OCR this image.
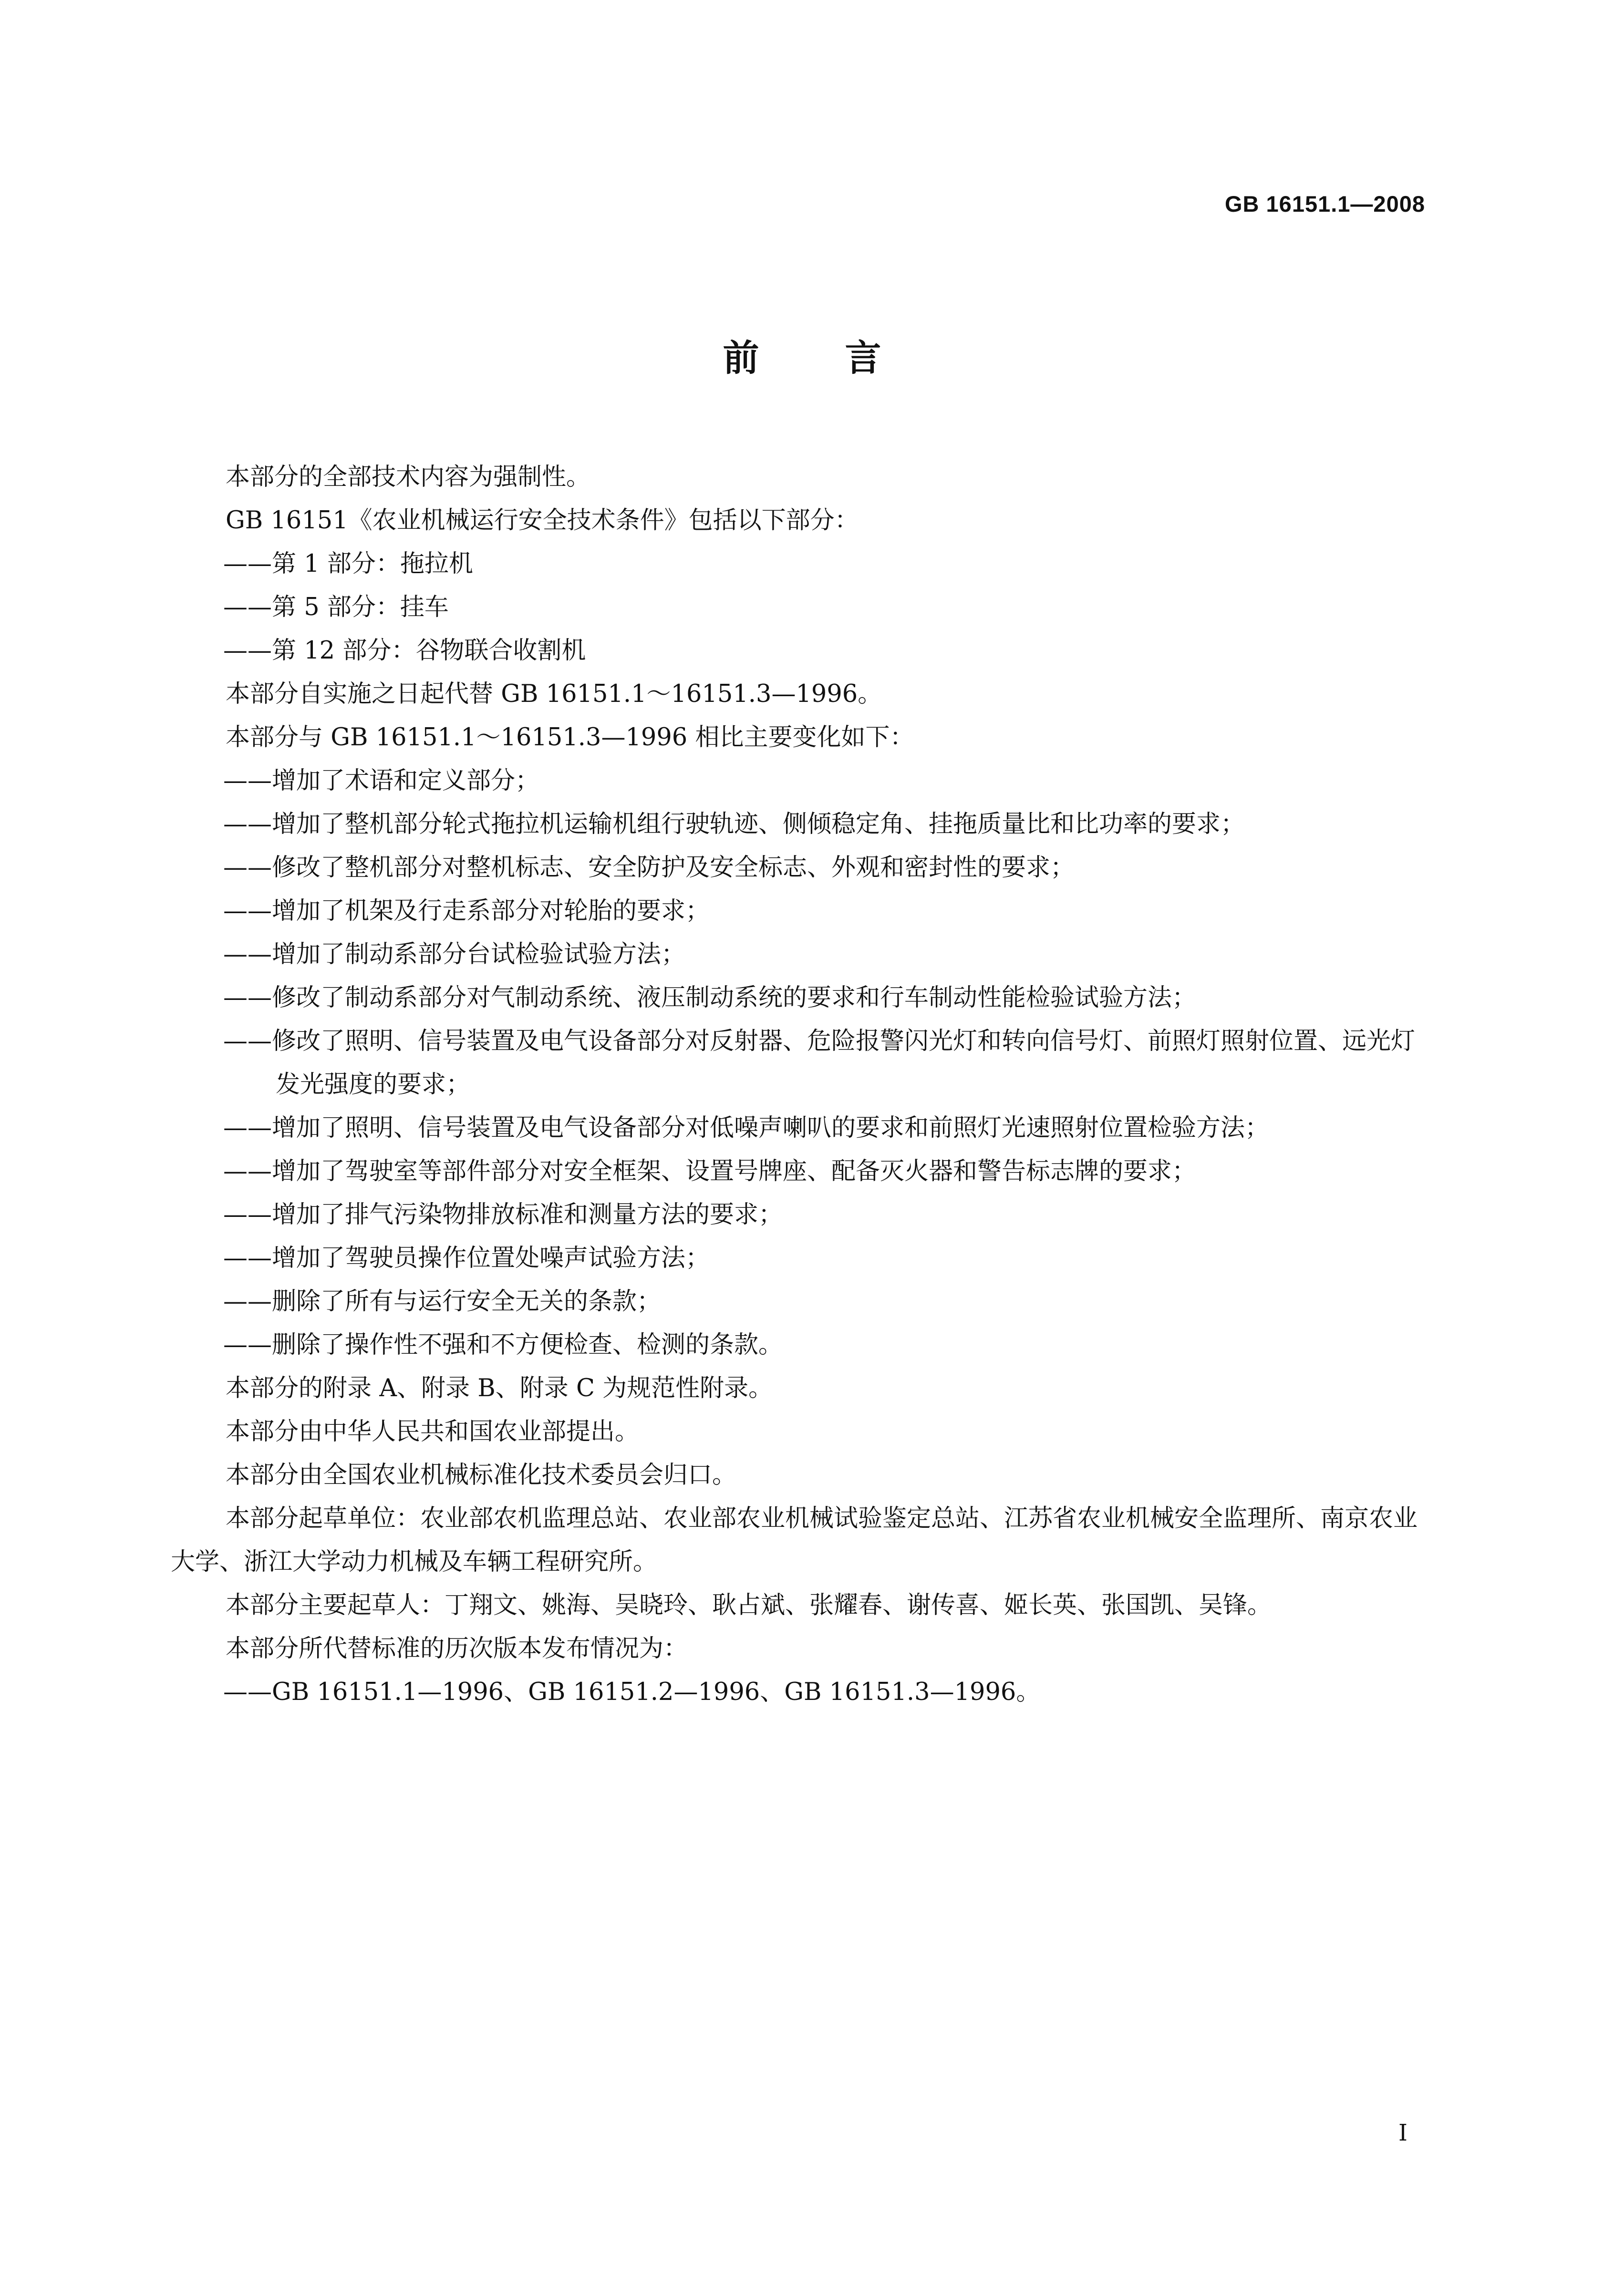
GB 16151.1—2008
前言

本部分的全部技术内容为强制性。

GB 16151《农业机械运行安全技术条件》包括以下部分：

——第 1 部分：拖拉机

——第 5 部分：挂车

——第 12 部分：谷物联合收割机

本部分自实施之日起代替 GB 16151.1～16151.3—1996。

本部分与 GB 16151.1～16151.3—1996 相比主要变化如下：

——增加了术语和定义部分；

——增加了整机部分轮式拖拉机运输机组行驶轨迹、侧倾稳定角、挂拖质量比和比功率的要求；

——修改了整机部分对整机标志、安全防护及安全标志、外观和密封性的要求；

——增加了机架及行走系部分对轮胎的要求；

——增加了制动系部分台试检验试验方法；

——修改了制动系部分对气制动系统、液压制动系统的要求和行车制动性能检验试验方法；

——修改了照明、信号装置及电气设备部分对反射器、危险报警闪光灯和转向信号灯、前照灯照射位置、远光灯发光强度的要求；

——增加了照明、信号装置及电气设备部分对低噪声喇叭的要求和前照灯光速照射位置检验方法；

——增加了驾驶室等部件部分对安全框架、设置号牌座、配备灭火器和警告标志牌的要求；

——增加了排气污染物排放标准和测量方法的要求；

——增加了驾驶员操作位置处噪声试验方法；

——删除了所有与运行安全无关的条款；

——删除了操作性不强和不方便检查、检测的条款。

本部分的附录 A、附录 B、附录 C 为规范性附录。

本部分由中华人民共和国农业部提出。

本部分由全国农业机械标准化技术委员会归口。

本部分起草单位：农业部农机监理总站、农业部农业机械试验鉴定总站、江苏省农业机械安全监理所、南京农业大学、浙江大学动力机械及车辆工程研究所。

本部分主要起草人：丁翔文、姚海、吴晓玲、耿占斌、张耀春、谢传喜、姬长英、张国凯、吴锋。

本部分所代替标准的历次版本发布情况为：

——GB 16151.1—1996、GB 16151.2—1996、GB 16151.3—1996。

I
